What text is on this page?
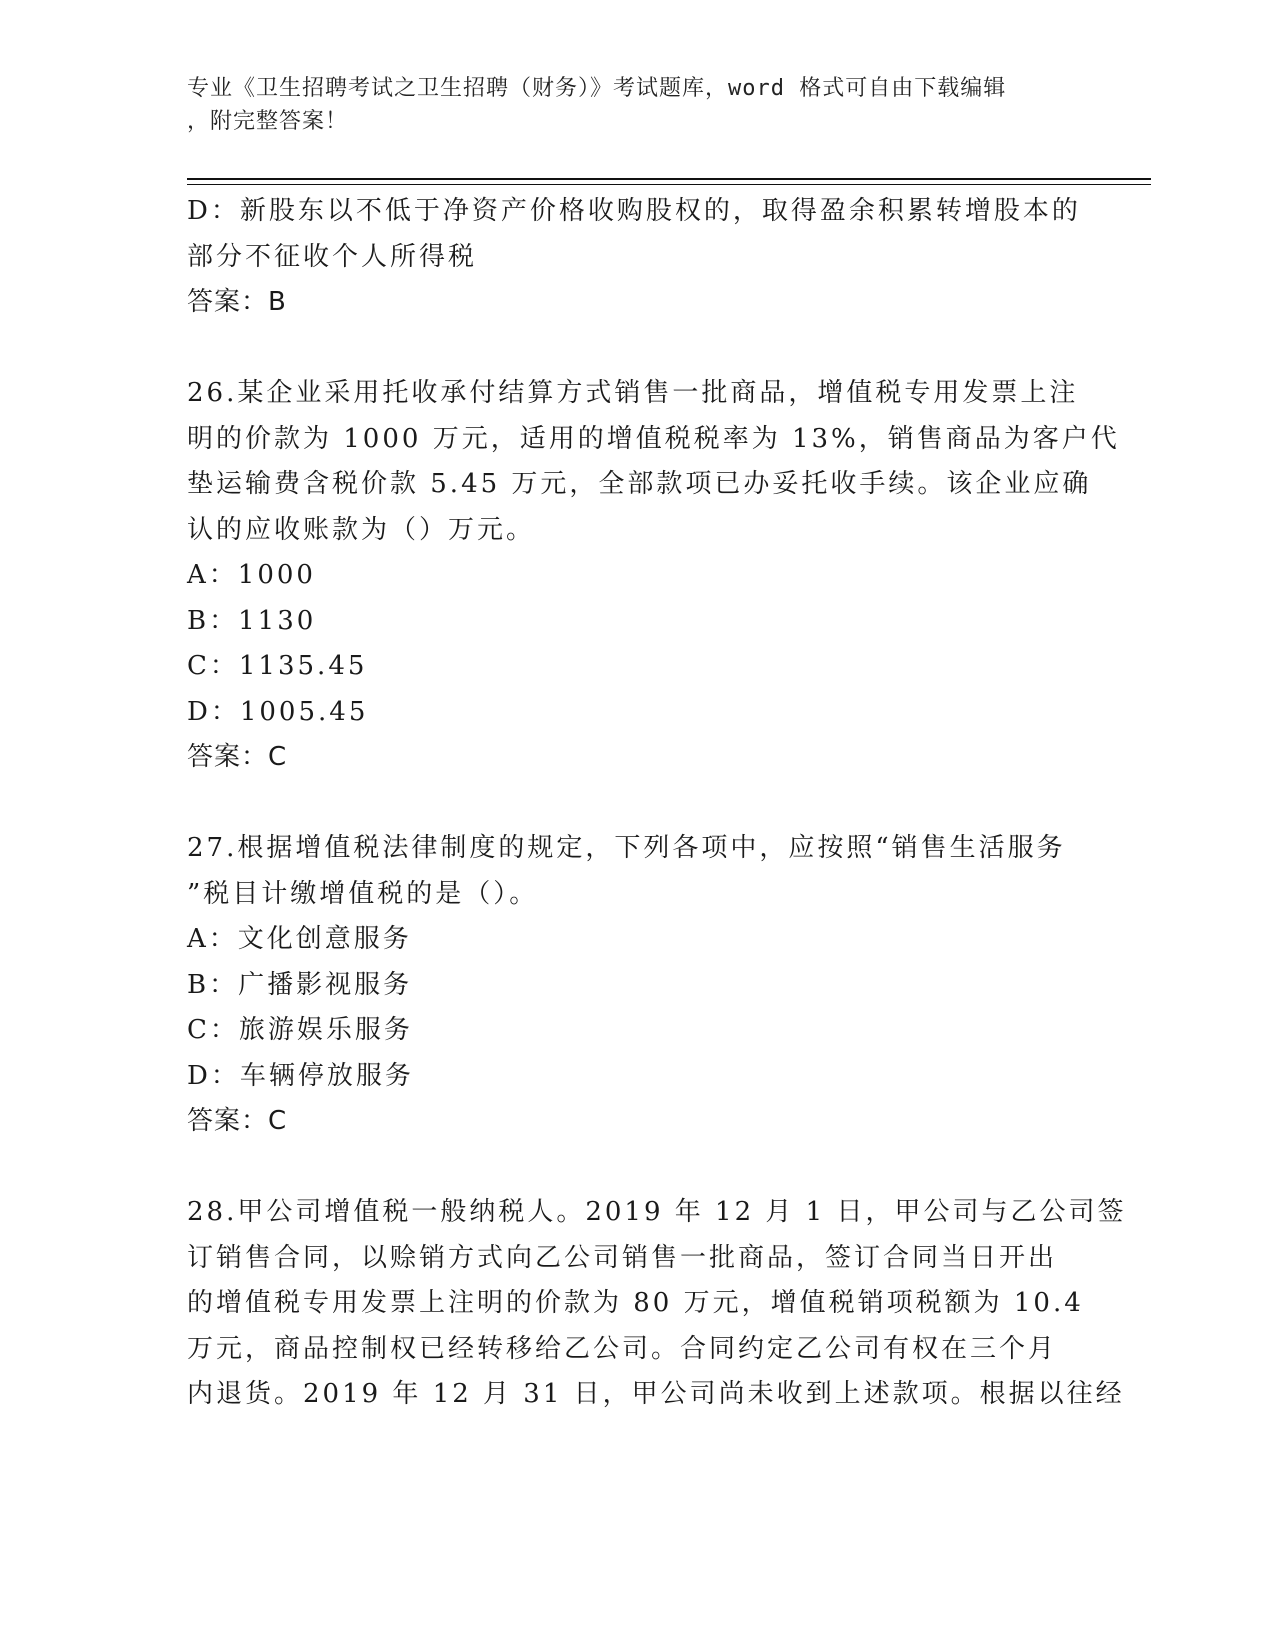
专业《卫生招聘考试之卫生招聘（财务）》考试题库，word 格式可自由下载编辑
，附完整答案！
D：新股东以不低于净资产价格收购股权的，取得盈余积累转增股本的
部分不征收个人所得税
答案：B
26.某企业采用托收承付结算方式销售一批商品，增值税专用发票上注
明的价款为 1000 万元，适用的增值税税率为 13%，销售商品为客户代
垫运输费含税价款 5.45 万元，全部款项已办妥托收手续。该企业应确
认的应收账款为（）万元。
A：1000
B：1130
C：1135.45
D：1005.45
答案：C
27.根据增值税法律制度的规定，下列各项中，应按照“销售生活服务
”税目计缴增值税的是（）。
A：文化创意服务
B：广播影视服务
C：旅游娱乐服务
D：车辆停放服务
答案：C
28.甲公司增值税一般纳税人。2019 年 12 月 1 日，甲公司与乙公司签
订销售合同，以赊销方式向乙公司销售一批商品，签订合同当日开出
的增值税专用发票上注明的价款为 80 万元，增值税销项税额为 10.4
万元，商品控制权已经转移给乙公司。合同约定乙公司有权在三个月
内退货。2019 年 12 月 31 日，甲公司尚未收到上述款项。根据以往经
